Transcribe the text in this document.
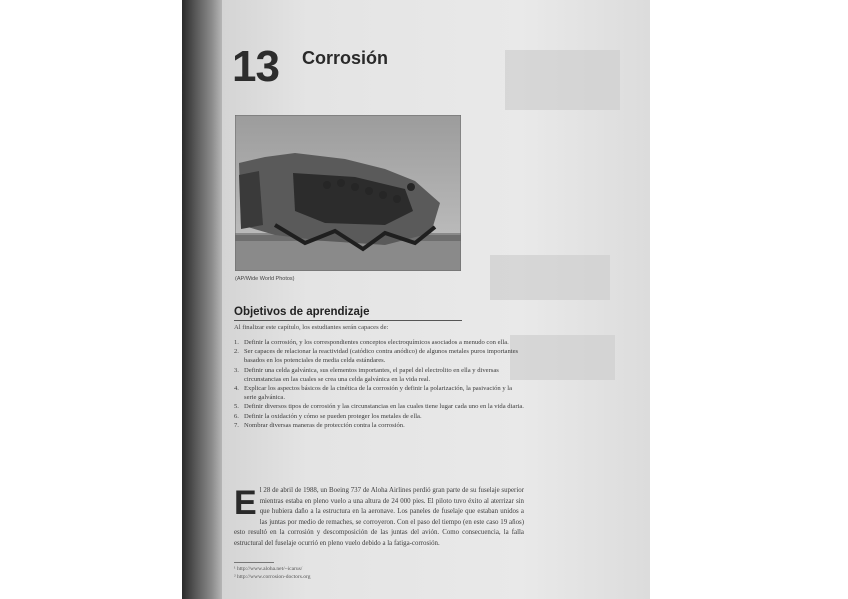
e
a
s
n
c
r
o
s
13 Corrosión
(AP/Wide World Photos)
Objetivos de aprendizaje
Al finalizar este capítulo, los estudiantes serán capaces de:
1. Definir la corrosión, y los correspondientes conceptos electroquímicos asociados a menudo con ella.
2. Ser capaces de relacionar la reactividad (catódico contra anódico) de algunos metales puros importantes basados en los potenciales de media celda estándares.
3. Definir una celda galvánica, sus elementos importantes, el papel del electrolito en ella y diversas circunstancias en las cuales se crea una celda galvánica en la vida real.
4. Explicar los aspectos básicos de la cinética de la corrosión y definir la polarización, la pasivación y la serie galvánica.
5. Definir diversos tipos de corrosión y las circunstancias en las cuales tiene lugar cada uno en la vida diaria.
6. Definir la oxidación y cómo se pueden proteger los metales de ella.
7. Nombrar diversas maneras de protección contra la corrosión.
El 28 de abril de 1988, un Boeing 737 de Aloha Airlines perdió gran parte de su fuselaje superior mientras estaba en pleno vuelo a una altura de 24 000 pies. El piloto tuvo éxito al aterrizar sin que hubiera daño a la estructura en la aeronave. Los paneles de fuselaje que estaban unidos a las juntas por medio de remaches, se corroyeron. Con el paso del tiempo (en este caso 19 años) esto resultó en la corrosión y descomposición de las juntas del avión. Como consecuencia, la falla estructural del fuselaje ocurrió en pleno vuelo debido a la fatiga-corrosión.
¹ http://www.aloha.net/~icarus/
² http://www.corrosion-doctors.org
